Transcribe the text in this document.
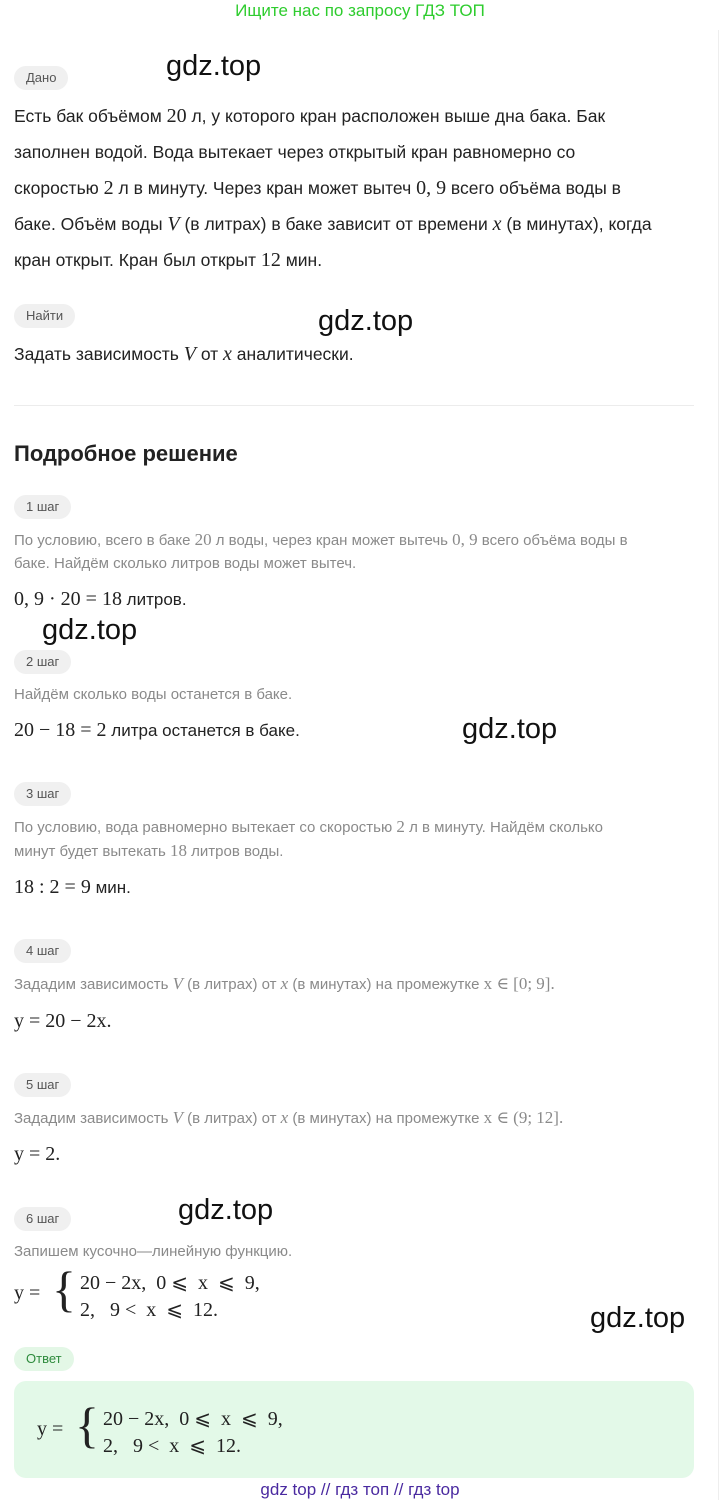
Ищите нас по запросу ГДЗ ТОП
gdz.top
gdz.top
gdz.top
gdz.top
gdz.top
gdz.top
Дано
Есть бак объёмом 20 л, у которого кран расположен выше дна бака. Бак
заполнен водой. Вода вытекает через открытый кран равномерно со
скоростью 2 л в минуту. Через кран может вытеч 0, 9 всего объёма воды в
баке. Объём воды V (в литрах) в баке зависит от времени x (в минутах), когда
кран открыт. Кран был открыт 12 мин.
Найти
Задать зависимость V от x аналитически.
Подробное решение
1 шаг
По условию, всего в баке 20 л воды, через кран может вытечь 0, 9 всего объёма воды в
баке. Найдём сколько литров воды может вытеч.
0, 9 · 20 = 18 литров.
2 шаг
Найдём сколько воды останется в баке.
20 − 18 = 2 литра останется в баке.
3 шаг
По условию, вода равномерно вытекает со скоростью 2 л в минуту. Найдём сколько
минут будет вытекать 18 литров воды.
18 : 2 = 9 мин.
4 шаг
Зададим зависимость V (в литрах) от x (в минутах) на промежутке x ∈ [0; 9].
y = 20 − 2x.
5 шаг
Зададим зависимость V (в литрах) от x (в минутах) на промежутке x ∈ (9; 12].
y = 2.
6 шаг
Запишем кусочно—линейную функцию.
y = { 20 − 2x,  0 ⩽  x  ⩽  9,
2,   9 <  x  ⩽  12.
Ответ
y = { 20 − 2x,  0 ⩽  x  ⩽  9,
2,   9 <  x  ⩽  12.
gdz top // гдз топ // гдз top
